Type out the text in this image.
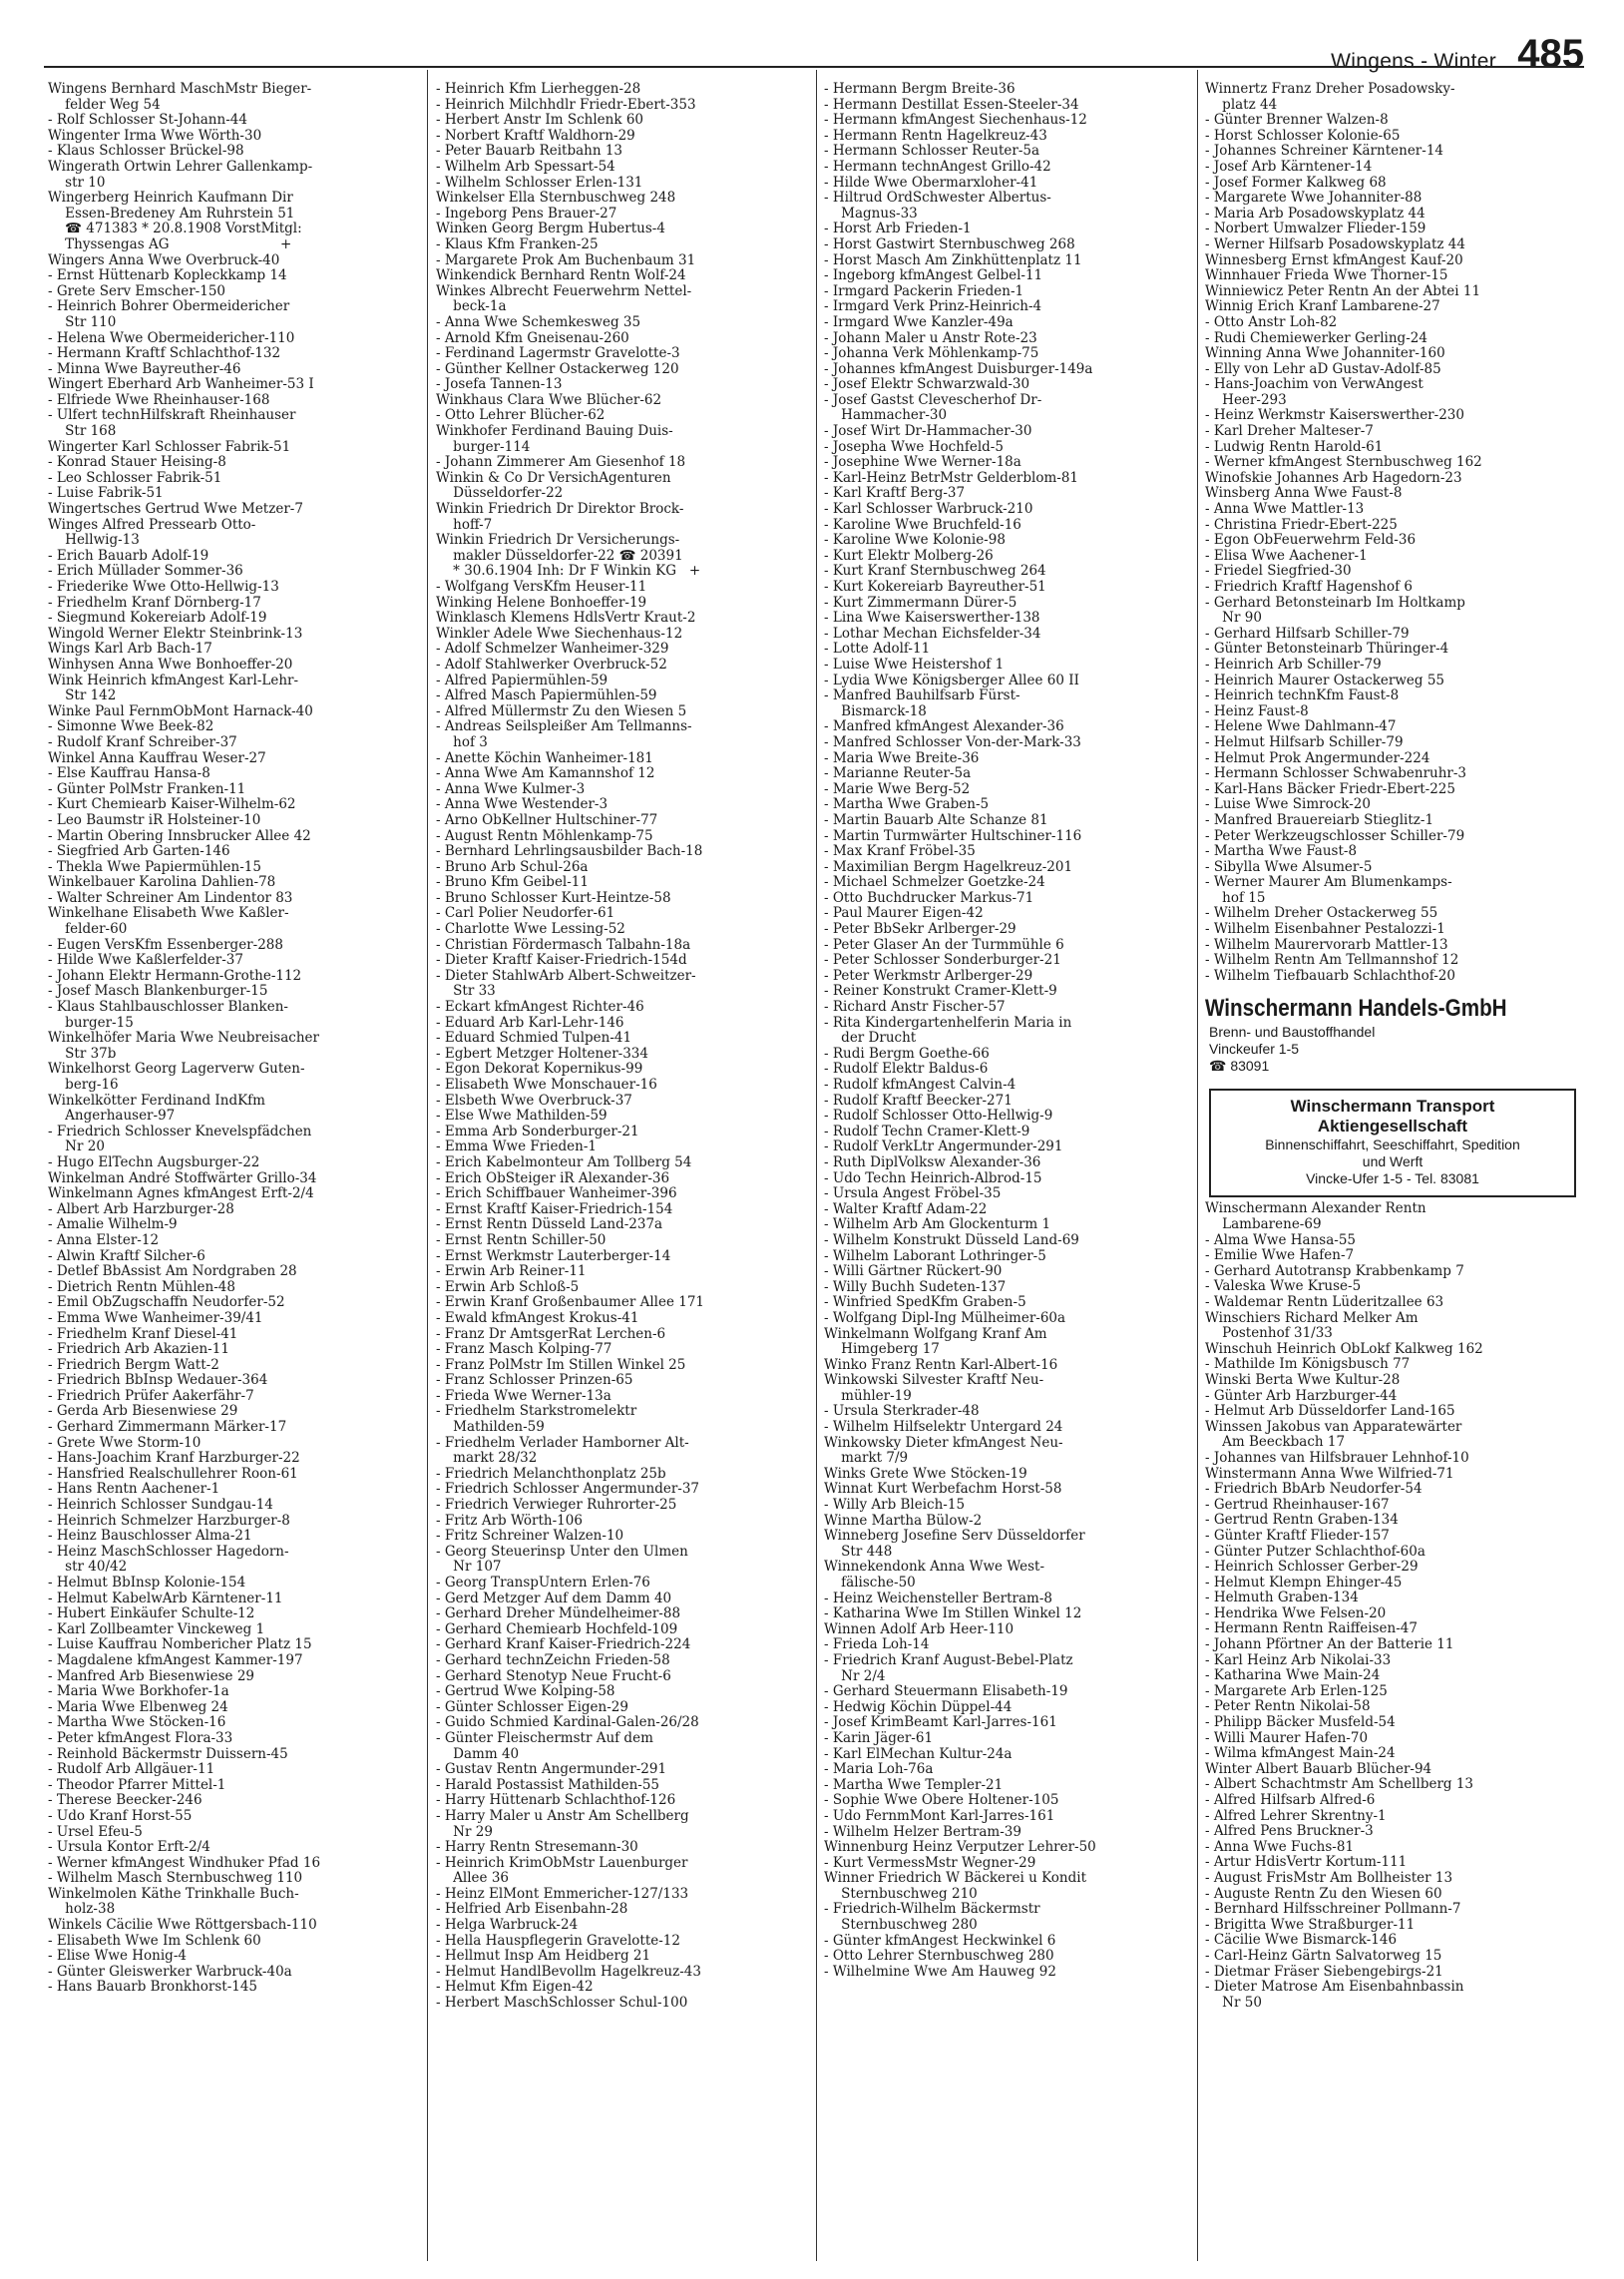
Wingens - Winter 485

Wingens Bernhard MaschMstr Bieger-
felder Weg 54

- Rolf Schlosser St-Johann-44

Wingenter Irma Wwe Wörth-30

- Klaus Schlosser Brückel-98

Wingerath Ortwin Lehrer Gallenkamp-
str 10

Wingerberg Heinrich Kaufmann Dir
Essen-Bredeney Am Ruhrstein 51
☎ 471383 * 20.8.1908 VorstMitgl:
Thyssengas AG                          +

Wingers Anna Wwe Overbruck-40

- Ernst Hüttenarb Kopleckkamp 14

- Grete Serv Emscher-150

- Heinrich Bohrer Obermeidericher
Str 110

- Helena Wwe Obermeidericher-110

- Hermann Kraftf Schlachthof-132

- Minna Wwe Bayreuther-46

Wingert Eberhard Arb Wanheimer-53 I

- Elfriede Wwe Rheinhauser-168

- Ulfert technHilfskraft Rheinhauser
Str 168

Wingerter Karl Schlosser Fabrik-51

- Konrad Stauer Heising-8

- Leo Schlosser Fabrik-51

- Luise Fabrik-51

Wingertsches Gertrud Wwe Metzer-7

Winges Alfred Pressearb Otto-
Hellwig-13

- Erich Bauarb Adolf-19

- Erich Müllader Sommer-36

- Friederike Wwe Otto-Hellwig-13

- Friedhelm Kranf Dörnberg-17

- Siegmund Kokereiarb Adolf-19

Wingold Werner Elektr Steinbrink-13

Wings Karl Arb Bach-17

Winhysen Anna Wwe Bonhoeffer-20

Wink Heinrich kfmAngest Karl-Lehr-
Str 142

Winke Paul FernmObMont Harnack-40

- Simonne Wwe Beek-82

- Rudolf Kranf Schreiber-37

Winkel Anna Kauffrau Weser-27

- Else Kauffrau Hansa-8

- Günter PolMstr Franken-11

- Kurt Chemiearb Kaiser-Wilhelm-62

- Leo Baumstr iR Holsteiner-10

- Martin Obering Innsbrucker Allee 42

- Siegfried Arb Garten-146

- Thekla Wwe Papiermühlen-15

Winkelbauer Karolina Dahlien-78

- Walter Schreiner Am Lindentor 83

Winkelhane Elisabeth Wwe Kaßler-
felder-60

- Eugen VersKfm Essenberger-288

- Hilde Wwe Kaßlerfelder-37

- Johann Elektr Hermann-Grothe-112

- Josef Masch Blankenburger-15

- Klaus Stahlbauschlosser Blanken-
burger-15

Winkelhöfer Maria Wwe Neubreisacher
Str 37b

Winkelhorst Georg Lagerverw Guten-
berg-16

Winkelkötter Ferdinand IndKfm
Angerhauser-97

- Friedrich Schlosser Knevelspfädchen
Nr 20

- Hugo ElTechn Augsburger-22

Winkelman André Stoffwärter Grillo-34

Winkelmann Agnes kfmAngest Erft-2/4

- Albert Arb Harzburger-28

- Amalie Wilhelm-9

- Anna Elster-12

- Alwin Kraftf Silcher-6

- Detlef BbAssist Am Nordgraben 28

- Dietrich Rentn Mühlen-48

- Emil ObZugschaffn Neudorfer-52

- Emma Wwe Wanheimer-39/41

- Friedhelm Kranf Diesel-41

- Friedrich Arb Akazien-11

- Friedrich Bergm Watt-2

- Friedrich BbInsp Wedauer-364

- Friedrich Prüfer Aakerfähr-7

- Gerda Arb Biesenwiese 29

- Gerhard Zimmermann Märker-17

- Grete Wwe Storm-10

- Hans-Joachim Kranf Harzburger-22

- Hansfried Realschullehrer Roon-61

- Hans Rentn Aachener-1

- Heinrich Schlosser Sundgau-14

- Heinrich Schmelzer Harzburger-8

- Heinz Bauschlosser Alma-21

- Heinz MaschSchlosser Hagedorn-
str 40/42

- Helmut BbInsp Kolonie-154

- Helmut KabelwArb Kärntener-11

- Hubert Einkäufer Schulte-12

- Karl Zollbeamter Vinckeweg 1

- Luise Kauffrau Nombericher Platz 15

- Magdalene kfmAngest Kammer-197

- Manfred Arb Biesenwiese 29

- Maria Wwe Borkhofer-1a

- Maria Wwe Elbenweg 24

- Martha Wwe Stöcken-16

- Peter kfmAngest Flora-33

- Reinhold Bäckermstr Duissern-45

- Rudolf Arb Allgäuer-11

- Theodor Pfarrer Mittel-1

- Therese Beecker-246

- Udo Kranf Horst-55

- Ursel Efeu-5

- Ursula Kontor Erft-2/4

- Werner kfmAngest Windhuker Pfad 16

- Wilhelm Masch Sternbuschweg 110

Winkelmolen Käthe Trinkhalle Buch-
holz-38

Winkels Cäcilie Wwe Röttgersbach-110

- Elisabeth Wwe Im Schlenk 60

- Elise Wwe Honig-4

- Günter Gleiswerker Warbruck-40a

- Hans Bauarb Bronkhorst-145

- Heinrich Kfm Lierheggen-28

- Heinrich Milchhdlr Friedr-Ebert-353

- Herbert Anstr Im Schlenk 60

- Norbert Kraftf Waldhorn-29

- Peter Bauarb Reitbahn 13

- Wilhelm Arb Spessart-54

- Wilhelm Schlosser Erlen-131

Winkelser Ella Sternbuschweg 248

- Ingeborg Pens Brauer-27

Winken Georg Bergm Hubertus-4

- Klaus Kfm Franken-25

- Margarete Prok Am Buchenbaum 31

Winkendick Bernhard Rentn Wolf-24

Winkes Albrecht Feuerwehrm Nettel-
beck-1a

- Anna Wwe Schemkesweg 35

- Arnold Kfm Gneisenau-260

- Ferdinand Lagermstr Gravelotte-3

- Günther Kellner Ostackerweg 120

- Josefa Tannen-13

Winkhaus Clara Wwe Blücher-62

- Otto Lehrer Blücher-62

Winkhofer Ferdinand Bauing Duis-
burger-114

- Johann Zimmerer Am Giesenhof 18

Winkin & Co Dr VersichAgenturen
Düsseldorfer-22

Winkin Friedrich Dr Direktor Brock-
hoff-7

Winkin Friedrich Dr Versicherungs-
makler Düsseldorfer-22 ☎ 20391
* 30.6.1904 Inh: Dr F Winkin KG   +

- Wolfgang VersKfm Heuser-11

Winking Helene Bonhoeffer-19

Winklasch Klemens HdlsVertr Kraut-2

Winkler Adele Wwe Siechenhaus-12

- Adolf Schmelzer Wanheimer-329

- Adolf Stahlwerker Overbruck-52

- Alfred Papiermühlen-59

- Alfred Masch Papiermühlen-59

- Alfred Müllermstr Zu den Wiesen 5

- Andreas Seilspleißer Am Tellmanns-
hof 3

- Anette Köchin Wanheimer-181

- Anna Wwe Am Kamannshof 12

- Anna Wwe Kulmer-3

- Anna Wwe Westender-3

- Arno ObKellner Hultschiner-77

- August Rentn Möhlenkamp-75

- Bernhard Lehrlingsausbilder Bach-18

- Bruno Arb Schul-26a

- Bruno Kfm Geibel-11

- Bruno Schlosser Kurt-Heintze-58

- Carl Polier Neudorfer-61

- Charlotte Wwe Lessing-52

- Christian Fördermasch Talbahn-18a

- Dieter Kraftf Kaiser-Friedrich-154d

- Dieter StahlwArb Albert-Schweitzer-
Str 33

- Eckart kfmAngest Richter-46

- Eduard Arb Karl-Lehr-146

- Eduard Schmied Tulpen-41

- Egbert Metzger Holtener-334

- Egon Dekorat Kopernikus-99

- Elisabeth Wwe Monschauer-16

- Elsbeth Wwe Overbruck-37

- Else Wwe Mathilden-59

- Emma Arb Sonderburger-21

- Emma Wwe Frieden-1

- Erich Kabelmonteur Am Tollberg 54

- Erich ObSteiger iR Alexander-36

- Erich Schiffbauer Wanheimer-396

- Ernst Kraftf Kaiser-Friedrich-154

- Ernst Rentn Düsseld Land-237a

- Ernst Rentn Schiller-50

- Ernst Werkmstr Lauterberger-14

- Erwin Arb Reiner-11

- Erwin Arb Schloß-5

- Erwin Kranf Großenbaumer Allee 171

- Ewald kfmAngest Krokus-41

- Franz Dr AmtsgerRat Lerchen-6

- Franz Masch Kolping-77

- Franz PolMstr Im Stillen Winkel 25

- Franz Schlosser Prinzen-65

- Frieda Wwe Werner-13a

- Friedhelm Starkstromelektr
Mathilden-59

- Friedhelm Verlader Hamborner Alt-
markt 28/32

- Friedrich Melanchthonplatz 25b

- Friedrich Schlosser Angermunder-37

- Friedrich Verwieger Ruhrorter-25

- Fritz Arb Wörth-106

- Fritz Schreiner Walzen-10

- Georg Steuerinsp Unter den Ulmen
Nr 107

- Georg TranspUntern Erlen-76

- Gerd Metzger Auf dem Damm 40

- Gerhard Dreher Mündelheimer-88

- Gerhard Chemiearb Hochfeld-109

- Gerhard Kranf Kaiser-Friedrich-224

- Gerhard technZeichn Frieden-58

- Gerhard Stenotyp Neue Frucht-6

- Gertrud Wwe Kolping-58

- Günter Schlosser Eigen-29

- Guido Schmied Kardinal-Galen-26/28

- Günter Fleischermstr Auf dem
Damm 40

- Gustav Rentn Angermunder-291

- Harald Postassist Mathilden-55

- Harry Hüttenarb Schlachthof-126

- Harry Maler u Anstr Am Schellberg
Nr 29

- Harry Rentn Stresemann-30

- Heinrich KrimObMstr Lauenburger
Allee 36

- Heinz ElMont Emmericher-127/133

- Helfried Arb Eisenbahn-28

- Helga Warbruck-24

- Hella Hauspflegerin Gravelotte-12

- Hellmut Insp Am Heidberg 21

- Helmut HandlBevollm Hagelkreuz-43

- Helmut Kfm Eigen-42

- Herbert MaschSchlosser Schul-100

- Hermann Bergm Breite-36

- Hermann Destillat Essen-Steeler-34

- Hermann kfmAngest Siechenhaus-12

- Hermann Rentn Hagelkreuz-43

- Hermann Schlosser Reuter-5a

- Hermann technAngest Grillo-42

- Hilde Wwe Obermarxloher-41

- Hiltrud OrdSchwester Albertus-
Magnus-33

- Horst Arb Frieden-1

- Horst Gastwirt Sternbuschweg 268

- Horst Masch Am Zinkhüttenplatz 11

- Ingeborg kfmAngest Gelbel-11

- Irmgard Packerin Frieden-1

- Irmgard Verk Prinz-Heinrich-4

- Irmgard Wwe Kanzler-49a

- Johann Maler u Anstr Rote-23

- Johanna Verk Möhlenkamp-75

- Johannes kfmAngest Duisburger-149a

- Josef Elektr Schwarzwald-30

- Josef Gastst Clevescherhof Dr-
Hammacher-30

- Josef Wirt Dr-Hammacher-30

- Josepha Wwe Hochfeld-5

- Josephine Wwe Werner-18a

- Karl-Heinz BetrMstr Gelderblom-81

- Karl Kraftf Berg-37

- Karl Schlosser Warbruck-210

- Karoline Wwe Bruchfeld-16

- Karoline Wwe Kolonie-98

- Kurt Elektr Molberg-26

- Kurt Kranf Sternbuschweg 264

- Kurt Kokereiarb Bayreuther-51

- Kurt Zimmermann Dürer-5

- Lina Wwe Kaiserswerther-138

- Lothar Mechan Eichsfelder-34

- Lotte Adolf-11

- Luise Wwe Heistershof 1

- Lydia Wwe Königsberger Allee 60 II

- Manfred Bauhilfsarb Fürst-
Bismarck-18

- Manfred kfmAngest Alexander-36

- Manfred Schlosser Von-der-Mark-33

- Maria Wwe Breite-36

- Marianne Reuter-5a

- Marie Wwe Berg-52

- Martha Wwe Graben-5

- Martin Bauarb Alte Schanze 81

- Martin Turmwärter Hultschiner-116

- Max Kranf Fröbel-35

- Maximilian Bergm Hagelkreuz-201

- Michael Schmelzer Goetzke-24

- Otto Buchdrucker Markus-71

- Paul Maurer Eigen-42

- Peter BbSekr Arlberger-29

- Peter Glaser An der Turmmühle 6

- Peter Schlosser Sonderburger-21

- Peter Werkmstr Arlberger-29

- Reiner Konstrukt Cramer-Klett-9

- Richard Anstr Fischer-57

- Rita Kindergartenhelferin Maria in
der Drucht

- Rudi Bergm Goethe-66

- Rudolf Elektr Baldus-6

- Rudolf kfmAngest Calvin-4

- Rudolf Kraftf Beecker-271

- Rudolf Schlosser Otto-Hellwig-9

- Rudolf Techn Cramer-Klett-9

- Rudolf VerkLtr Angermunder-291

- Ruth DiplVolksw Alexander-36

- Udo Techn Heinrich-Albrod-15

- Ursula Angest Fröbel-35

- Walter Kraftf Adam-22

- Wilhelm Arb Am Glockenturm 1

- Wilhelm Konstrukt Düsseld Land-69

- Wilhelm Laborant Lothringer-5

- Willi Gärtner Rückert-90

- Willy Buchh Sudeten-137

- Winfried SpedKfm Graben-5

- Wolfgang Dipl-Ing Mülheimer-60a

Winkelmann Wolfgang Kranf Am
Himgeberg 17

Winko Franz Rentn Karl-Albert-16

Winkowski Silvester Kraftf Neu-
mühler-19

- Ursula Sterkrader-48

- Wilhelm Hilfselektr Untergard 24

Winkowsky Dieter kfmAngest Neu-
markt 7/9

Winks Grete Wwe Stöcken-19

Winnat Kurt Werbefachm Horst-58

- Willy Arb Bleich-15

Winne Martha Bülow-2

Winneberg Josefine Serv Düsseldorfer
Str 448

Winnekendonk Anna Wwe West-
fälische-50

- Heinz Weichensteller Bertram-8

- Katharina Wwe Im Stillen Winkel 12

Winnen Adolf Arb Heer-110

- Frieda Loh-14

- Friedrich Kranf August-Bebel-Platz
Nr 2/4

- Gerhard Steuermann Elisabeth-19

- Hedwig Köchin Düppel-44

- Josef KrimBeamt Karl-Jarres-161

- Karin Jäger-61

- Karl ElMechan Kultur-24a

- Maria Loh-76a

- Martha Wwe Templer-21

- Sophie Wwe Obere Holtener-105

- Udo FernmMont Karl-Jarres-161

- Wilhelm Helzer Bertram-39

Winnenburg Heinz Verputzer Lehrer-50

- Kurt VermessMstr Wegner-29

Winner Friedrich W Bäckerei u Kondit
Sternbuschweg 210

- Friedrich-Wilhelm Bäckermstr
Sternbuschweg 280

- Günter kfmAngest Heckwinkel 6

- Otto Lehrer Sternbuschweg 280

- Wilhelmine Wwe Am Hauweg 92

Winnertz Franz Dreher Posadowsky-
platz 44

- Günter Brenner Walzen-8

- Horst Schlosser Kolonie-65

- Johannes Schreiner Kärntener-14

- Josef Arb Kärntener-14

- Josef Former Kalkweg 68

- Margarete Wwe Johanniter-88

- Maria Arb Posadowskyplatz 44

- Norbert Umwalzer Flieder-159

- Werner Hilfsarb Posadowskyplatz 44

Winnesberg Ernst kfmAngest Kauf-20

Winnhauer Frieda Wwe Thorner-15

Winniewicz Peter Rentn An der Abtei 11

Winnig Erich Kranf Lambarene-27

- Otto Anstr Loh-82

- Rudi Chemiewerker Gerling-24

Winning Anna Wwe Johanniter-160

- Elly von Lehr aD Gustav-Adolf-85

- Hans-Joachim von VerwAngest
Heer-293

- Heinz Werkmstr Kaiserswerther-230

- Karl Dreher Malteser-7

- Ludwig Rentn Harold-61

- Werner kfmAngest Sternbuschweg 162

Winofskie Johannes Arb Hagedorn-23

Winsberg Anna Wwe Faust-8

- Anna Wwe Mattler-13

- Christina Friedr-Ebert-225

- Egon ObFeuerwehrm Feld-36

- Elisa Wwe Aachener-1

- Friedel Siegfried-30

- Friedrich Kraftf Hagenshof 6

- Gerhard Betonsteinarb Im Holtkamp
Nr 90

- Gerhard Hilfsarb Schiller-79

- Günter Betonsteinarb Thüringer-4

- Heinrich Arb Schiller-79

- Heinrich Maurer Ostackerweg 55

- Heinrich technKfm Faust-8

- Heinz Faust-8

- Helene Wwe Dahlmann-47

- Helmut Hilfsarb Schiller-79

- Helmut Prok Angermunder-224

- Hermann Schlosser Schwabenruhr-3

- Karl-Hans Bäcker Friedr-Ebert-225

- Luise Wwe Simrock-20

- Manfred Brauereiarb Stieglitz-1

- Peter Werkzeugschlosser Schiller-79

- Martha Wwe Faust-8

- Sibylla Wwe Alsumer-5

- Werner Maurer Am Blumenkamps-
hof 15

- Wilhelm Dreher Ostackerweg 55

- Wilhelm Eisenbahner Pestalozzi-1

- Wilhelm Maurervorarb Mattler-13

- Wilhelm Rentn Am Tellmannshof 12

- Wilhelm Tiefbauarb Schlachthof-20

Winschermann Handels-GmbH
Brenn- und Baustoffhandel
Vinckeufer 1-5
☎ 83091
Winschermann Transport
Aktiengesellschaft
Binnenschiffahrt, Seeschiffahrt, Spedition
und Werft
Vincke-Ufer 1-5 - Tel. 83081

Winschermann Alexander Rentn
Lambarene-69

- Alma Wwe Hansa-55

- Emilie Wwe Hafen-7

- Gerhard Autotransp Krabbenkamp 7

- Valeska Wwe Kruse-5

- Waldemar Rentn Lüderitzallee 63

Winschiers Richard Melker Am
Postenhof 31/33

Winschuh Heinrich ObLokf Kalkweg 162

- Mathilde Im Königsbusch 77

Winski Berta Wwe Kultur-28

- Günter Arb Harzburger-44

- Helmut Arb Düsseldorfer Land-165

Winssen Jakobus van Apparatewärter
Am Beeckbach 17

- Johannes van Hilfsbrauer Lehnhof-10

Winstermann Anna Wwe Wilfried-71

- Friedrich BbArb Neudorfer-54

- Gertrud Rheinhauser-167

- Gertrud Rentn Graben-134

- Günter Kraftf Flieder-157

- Günter Putzer Schlachthof-60a

- Heinrich Schlosser Gerber-29

- Helmut Klempn Ehinger-45

- Helmuth Graben-134

- Hendrika Wwe Felsen-20

- Hermann Rentn Raiffeisen-47

- Johann Pförtner An der Batterie 11

- Karl Heinz Arb Nikolai-33

- Katharina Wwe Main-24

- Margarete Arb Erlen-125

- Peter Rentn Nikolai-58

- Philipp Bäcker Musfeld-54

- Willi Maurer Hafen-70

- Wilma kfmAngest Main-24

Winter Albert Bauarb Blücher-94

- Albert Schachtmstr Am Schellberg 13

- Alfred Hilfsarb Alfred-6

- Alfred Lehrer Skrentny-1

- Alfred Pens Bruckner-3

- Anna Wwe Fuchs-81

- Artur HdisVertr Kortum-111

- August FrisMstr Am Bollheister 13

- Auguste Rentn Zu den Wiesen 60

- Bernhard Hilfsschreiner Pollmann-7

- Brigitta Wwe Straßburger-11

- Cäcilie Wwe Bismarck-146

- Carl-Heinz Gärtn Salvatorweg 15

- Dietmar Fräser Siebengebirgs-21

- Dieter Matrose Am Eisenbahnbassin
Nr 50
